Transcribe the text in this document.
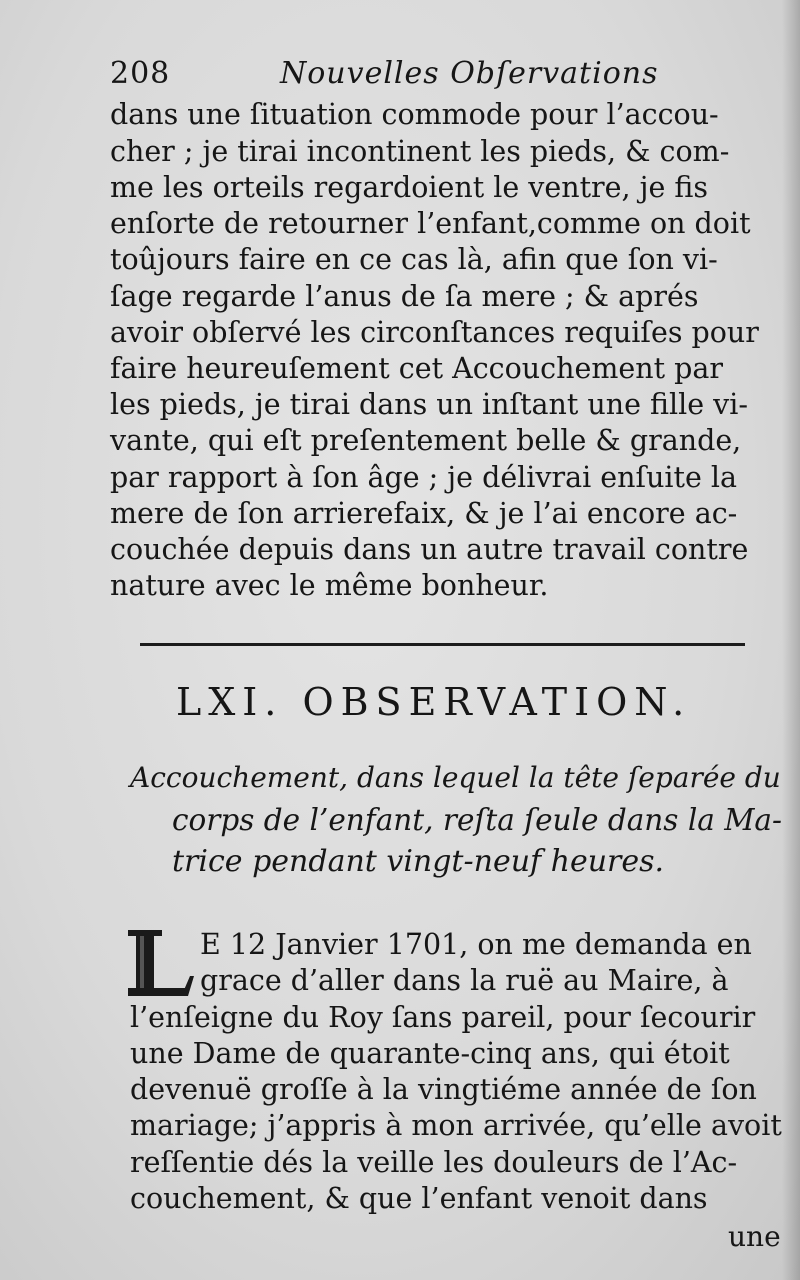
208	Nouvelles Obſervations
dans une ſituation commode pour l’accou-
cher ; je tirai incontinent les pieds, & com-
me les orteils regardoient le ventre, je fis
enſorte de retourner l’enfant,comme on doit
toûjours faire en ce cas là, afin que ſon vi-
ſage regarde l’anus de ſa mere ; & aprés
avoir obſervé les circonſtances requiſes pour
faire heureuſement cet Accouchement par
les pieds, je tirai dans un inſtant une fille vi-
vante, qui eſt preſentement belle & grande,
par rapport à ſon âge ; je délivrai enſuite la
mere de ſon arrierefaix, & je l’ai encore ac-
couchée depuis dans un autre travail contre
nature avec le même bonheur.
LXI. OBSERVATION.
Accouchement, dans lequel la tête ſeparée du
corps de l’enfant, reſta ſeule dans la Ma-
trice pendant vingt-neuf heures.
E 12 Janvier 1701, on me demanda en
grace d’aller dans la ruë au Maire, à
l’enſeigne du Roy ſans pareil, pour ſecourir
une Dame de quarante-cinq ans, qui étoit
devenuë groſſe à la vingtiéme année de ſon
mariage; j’appris à mon arrivée, qu’elle avoit
reſſentie dés la veille les douleurs de l’Ac-
couchement, & que l’enfant venoit dans
une
